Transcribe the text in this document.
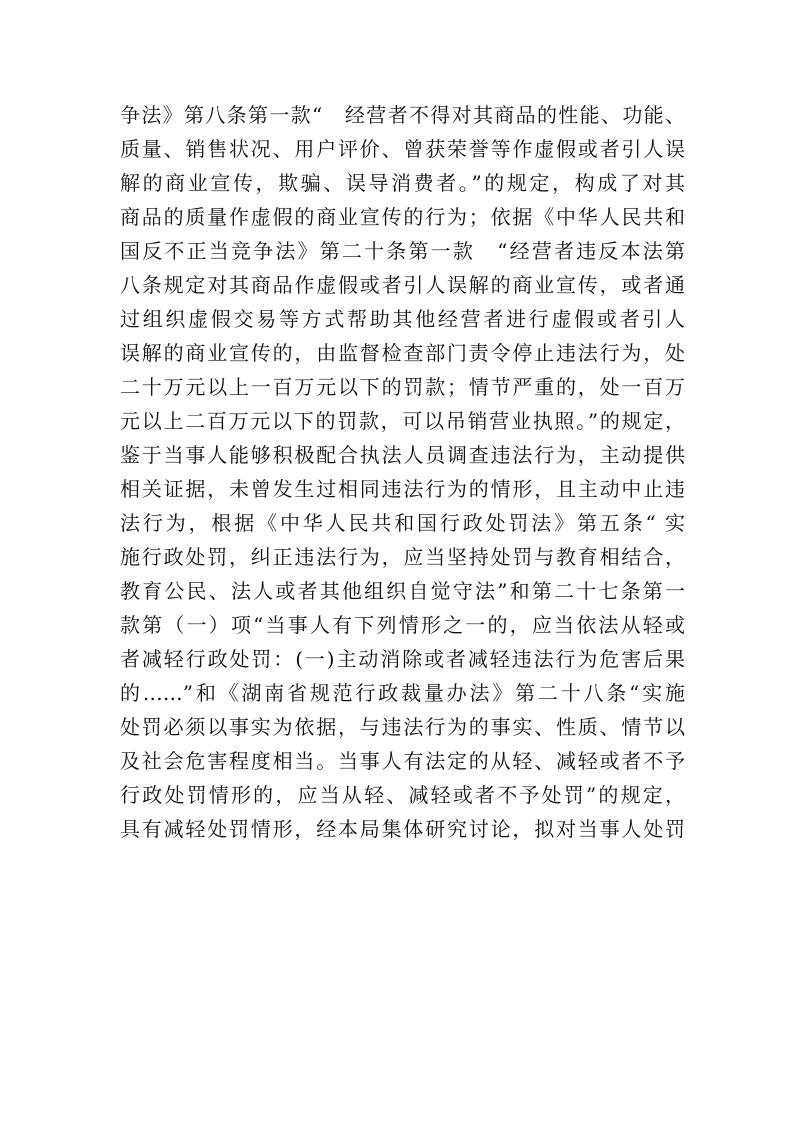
争法》第八条第一款“　经营者不得对其商品的性能、功能、
质量、销售状况、用户评价、曾获荣誉等作虚假或者引人误
解的商业宣传，欺骗、误导消费者。”的规定，构成了对其
商品的质量作虚假的商业宣传的行为；依据《中华人民共和
国反不正当竞争法》第二十条第一款　“经营者违反本法第
八条规定对其商品作虚假或者引人误解的商业宣传，或者通
过组织虚假交易等方式帮助其他经营者进行虚假或者引人
误解的商业宣传的，由监督检查部门责令停止违法行为，处
二十万元以上一百万元以下的罚款；情节严重的，处一百万
元以上二百万元以下的罚款，可以吊销营业执照。”的规定，
鉴于当事人能够积极配合执法人员调查违法行为，主动提供
相关证据，未曾发生过相同违法行为的情形，且主动中止违
法行为，根据《中华人民共和国行政处罚法》第五条“ 实
施行政处罚，纠正违法行为，应当坚持处罚与教育相结合，
教育公民、法人或者其他组织自觉守法”和第二十七条第一
款第（一）项“当事人有下列情形之一的，应当依法从轻或
者减轻行政处罚：(一)主动消除或者减轻违法行为危害后果
的……”和《湖南省规范行政裁量办法》第二十八条“实施
处罚必须以事实为依据，与违法行为的事实、性质、情节以
及社会危害程度相当。当事人有法定的从轻、减轻或者不予
行政处罚情形的，应当从轻、减轻或者不予处罚”的规定，
具有减轻处罚情形，经本局集体研究讨论，拟对当事人处罚
